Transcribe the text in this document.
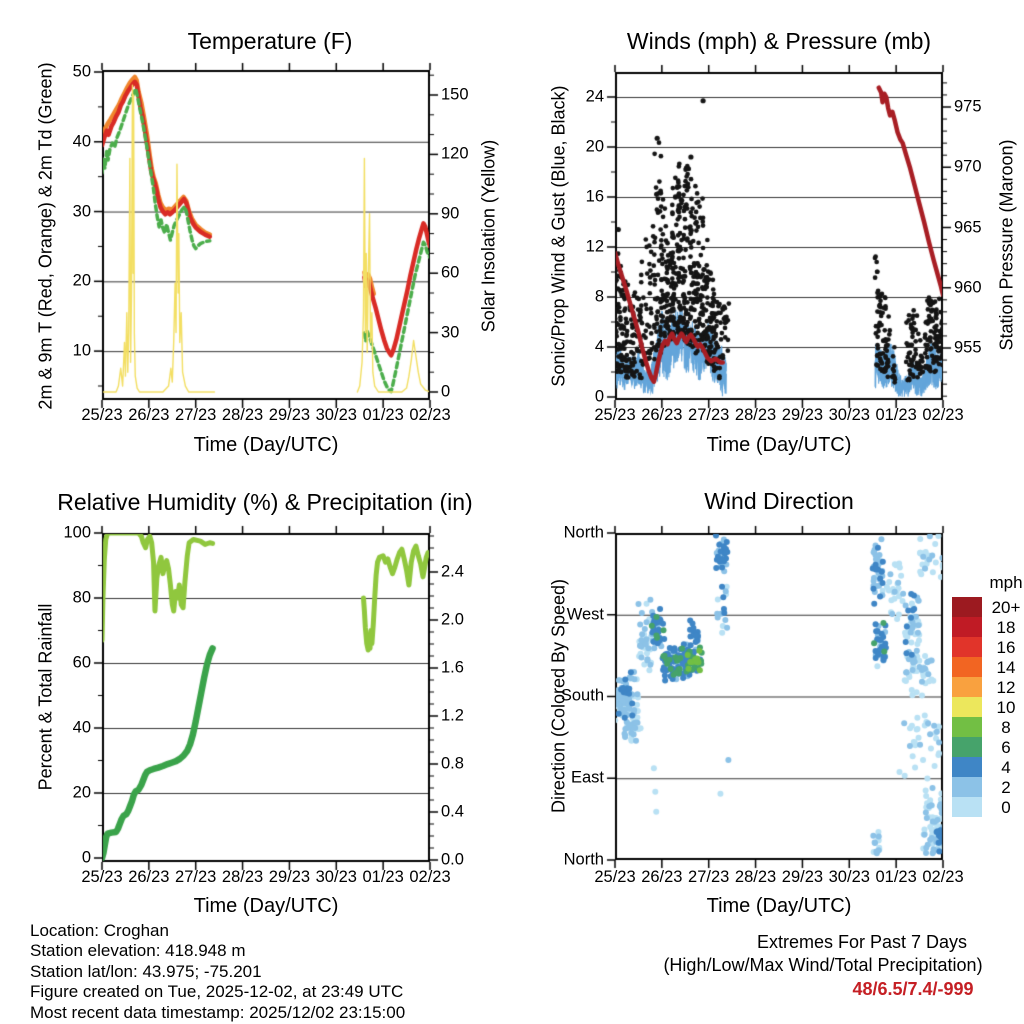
Temperature (F)	Winds (mph) & Pressure (mb)
Relative Humidity (%) & Precipitation (in)	Wind Direction
2m & 9m T (Red, Orange) & 2m Td (Green)	Solar Insolation (Yellow)	Sonic/Prop Wind & Gust (Blue, Black)	Station Pressure (Maroon)
Percent & Total Rainfall	Direction (Colored By Speed)
Time (Day/UTC)	Time (Day/UTC)
Time (Day/UTC)	Time (Day/UTC)
25/23 26/23 27/23 28/23 29/23 30/23 01/23 02/23
50
40
30
20
10
150
120
90
60
30
0
25/23 26/23 27/23 28/23 29/23 30/23 01/23 02/23
24
20
16
12
8
4
0
975
970
965
960
955
25/23 26/23 27/23 28/23 29/23 30/23 01/23 02/23
100
80
60
40
20
0
2.4
2.0
1.6
1.2
0.8
0.4
0.0
25/23 26/23 27/23 28/23 29/23 30/23 01/23 02/23
North
West
South
East
North
mph
20+
18
16
14
12
10
8
6
4
2
0
Location: Croghan
Station elevation: 418.948 m
Station lat/lon: 43.975; -75.201
Figure created on Tue, 2025-12-02, at 23:49 UTC
Most recent data timestamp: 2025/12/02 23:15:00
Extremes For Past 7 Days
(High/Low/Max Wind/Total Precipitation)
48/6.5/7.4/-999
